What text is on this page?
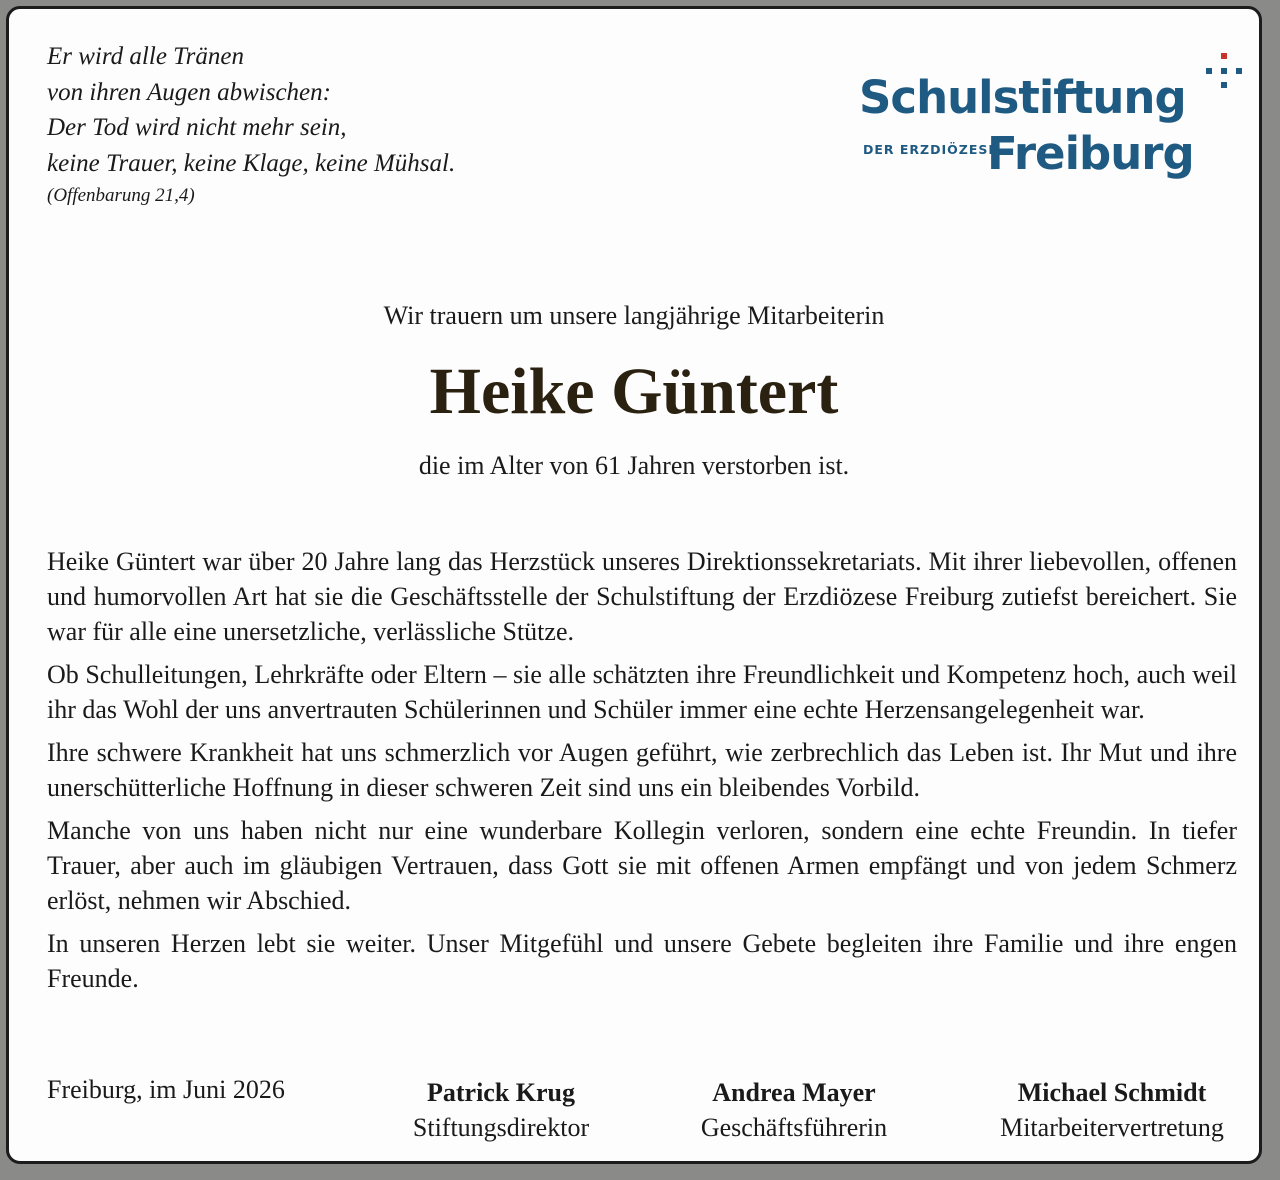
Er wird alle Tränen
von ihren Augen abwischen:
Der Tod wird nicht mehr sein,
keine Trauer, keine Klage, keine Mühsal.
(Offenbarung 21,4)
Schulstiftung
DER ERZDIÖZESE
Freiburg
Wir trauern um unsere langjährige Mitarbeiterin
Heike Güntert
die im Alter von 61 Jahren verstorben ist.

Heike Güntert war über 20 Jahre lang das Herzstück unseres Direktionssekretariats. Mit ihrer liebevollen, offenen und humorvollen Art hat sie die Geschäftsstelle der Schulstiftung der Erzdiözese Freiburg zutiefst bereichert. Sie war für alle eine unersetzliche, verlässliche Stütze.

Ob Schulleitungen, Lehrkräfte oder Eltern – sie alle schätzten ihre Freundlichkeit und Kompetenz hoch, auch weil ihr das Wohl der uns anvertrauten Schülerinnen und Schüler immer eine echte Herzensangelegenheit war.

Ihre schwere Krankheit hat uns schmerzlich vor Augen geführt, wie zerbrechlich das Leben ist. Ihr Mut und ihre unerschütterliche Hoffnung in dieser schweren Zeit sind uns ein bleibendes Vorbild.

Manche von uns haben nicht nur eine wunderbare Kollegin verloren, sondern eine echte Freundin. In tiefer Trauer, aber auch im gläubigen Vertrauen, dass Gott sie mit offenen Armen empfängt und von jedem Schmerz erlöst, nehmen wir Abschied.

In unseren Herzen lebt sie weiter. Unser Mitgefühl und unsere Gebete begleiten ihre Familie und ihre engen Freunde.

Freiburg, im Juni 2026	Patrick Krug
Stiftungsdirektor
Andrea Mayer
Geschäftsführerin
Michael Schmidt
Mitarbeitervertretung
